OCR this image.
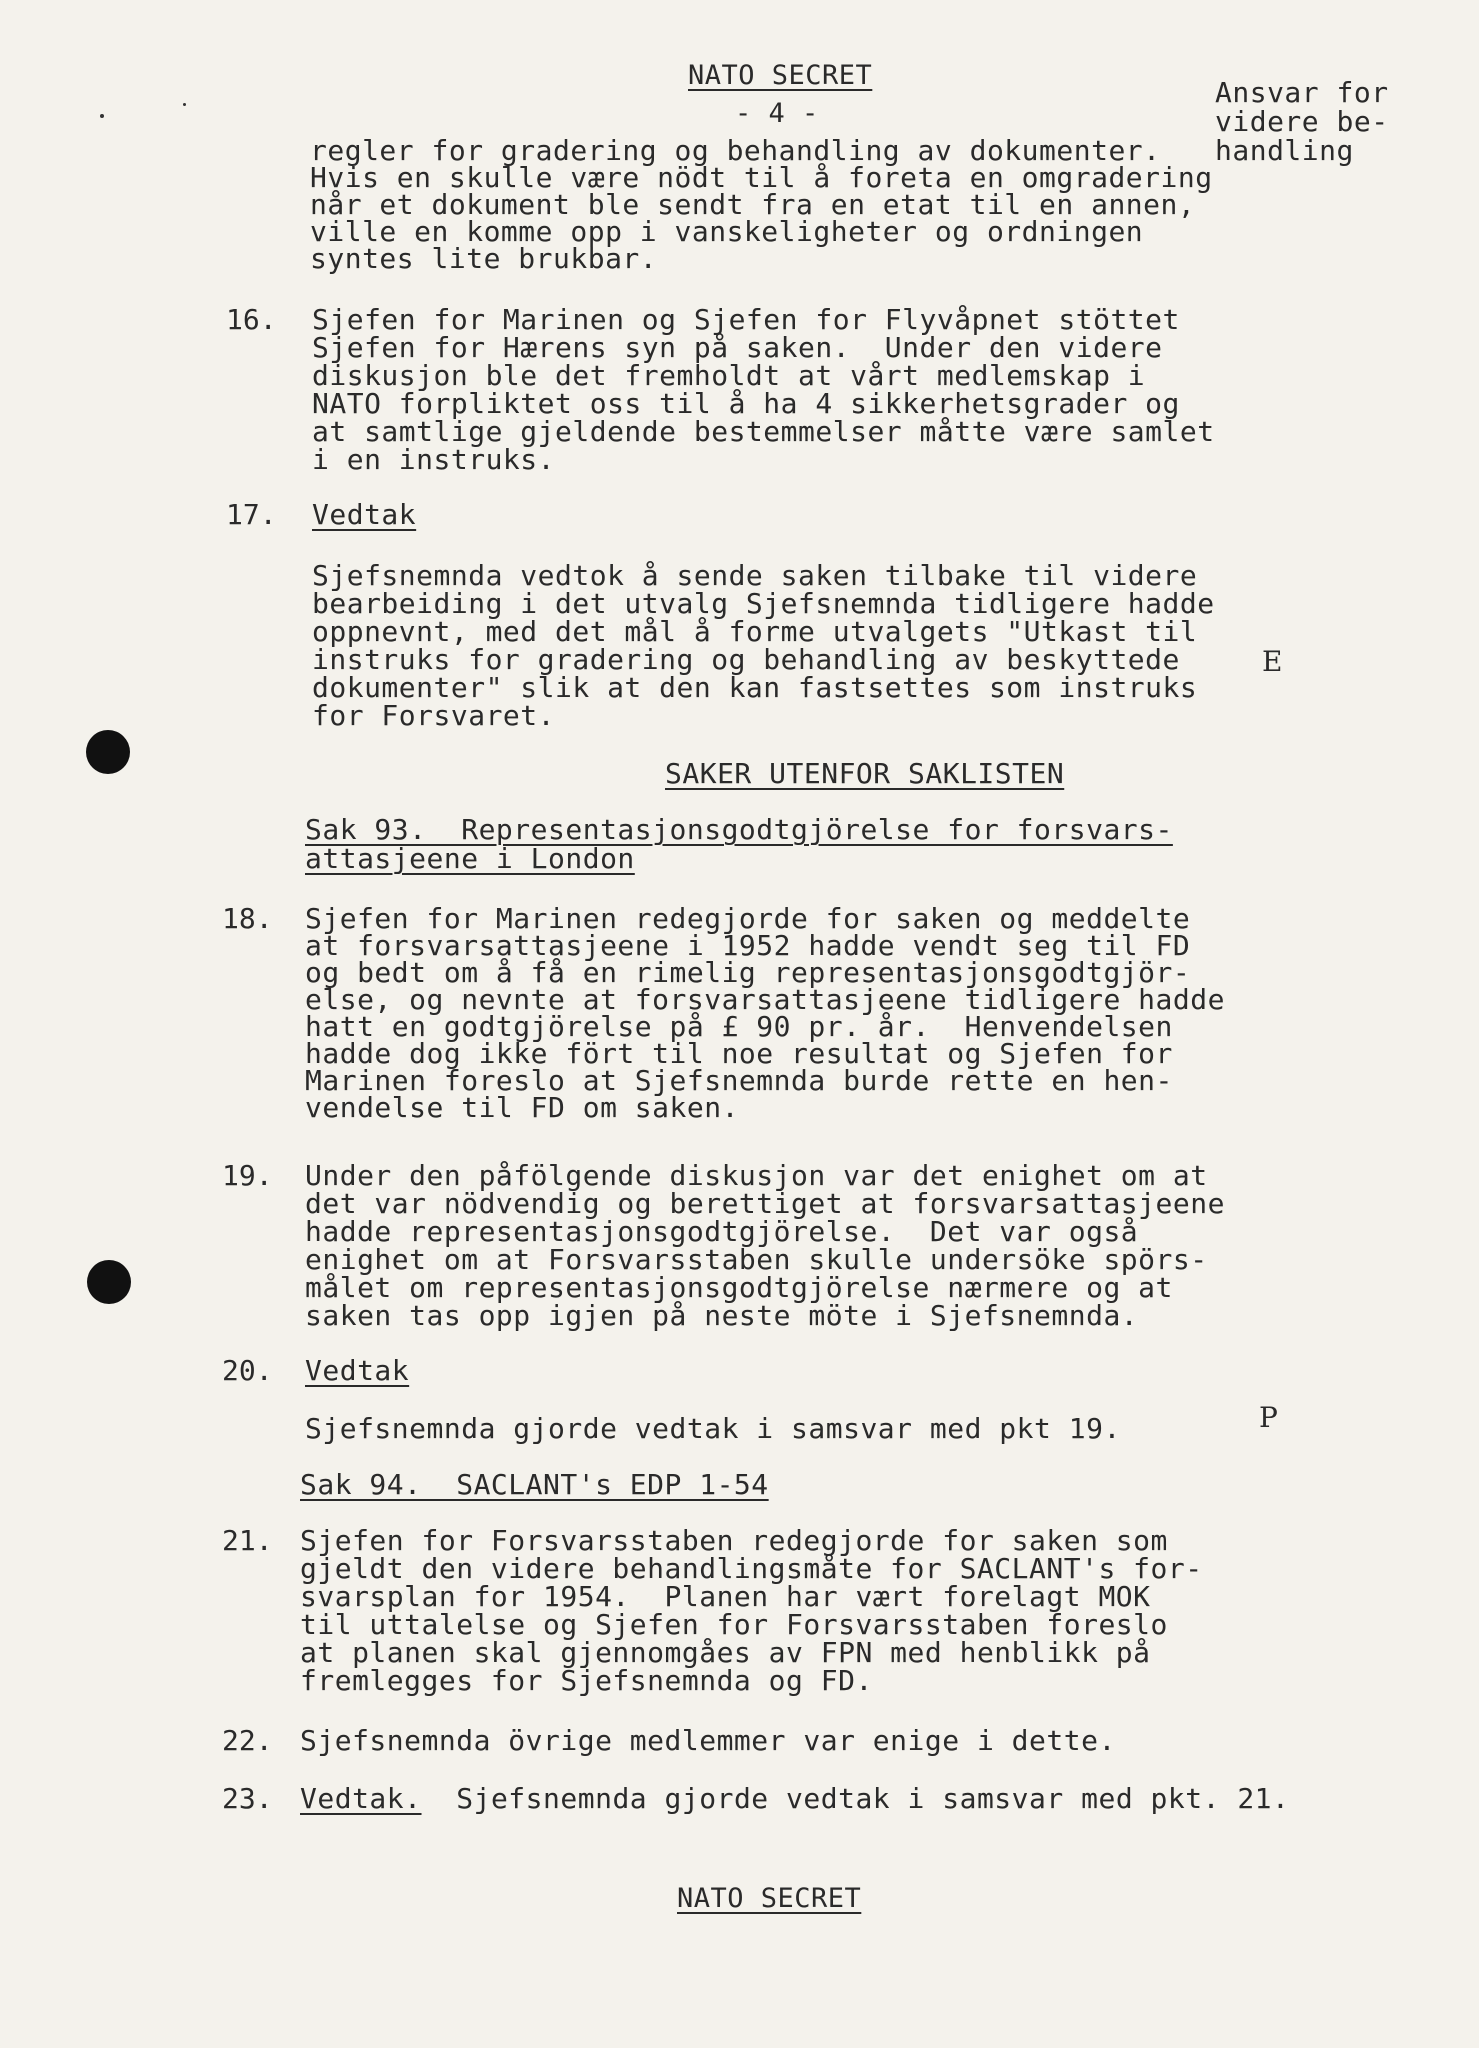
NATO SECRET
- 4 -
Ansvar for
videre be-
handling
E
P
regler for gradering og behandling av dokumenter.
Hvis en skulle være nödt til å foreta en omgradering
når et dokument ble sendt fra en etat til en annen,
ville en komme opp i vanskeligheter og ordningen
syntes lite brukbar.
16. Sjefen for Marinen og Sjefen for Flyvåpnet stöttet
Sjefen for Hærens syn på saken.  Under den videre
diskusjon ble det fremholdt at vårt medlemskap i
NATO forpliktet oss til å ha 4 sikkerhetsgrader og
at samtlige gjeldende bestemmelser måtte være samlet
i en instruks.
17. Vedtak
Sjefsnemnda vedtok å sende saken tilbake til videre
bearbeiding i det utvalg Sjefsnemnda tidligere hadde
oppnevnt, med det mål å forme utvalgets "Utkast til
instruks for gradering og behandling av beskyttede
dokumenter" slik at den kan fastsettes som instruks
for Forsvaret.
SAKER UTENFOR SAKLISTEN
Sak 93.  Representasjonsgodtgjörelse for forsvars-
attasjeene i London
18. Sjefen for Marinen redegjorde for saken og meddelte
at forsvarsattasjeene i 1952 hadde vendt seg til FD
og bedt om å få en rimelig representasjonsgodtgjör-
else, og nevnte at forsvarsattasjeene tidligere hadde
hatt en godtgjörelse på £ 90 pr. år.  Henvendelsen
hadde dog ikke fört til noe resultat og Sjefen for
Marinen foreslo at Sjefsnemnda burde rette en hen-
vendelse til FD om saken.
19. Under den påfölgende diskusjon var det enighet om at
det var nödvendig og berettiget at forsvarsattasjeene
hadde representasjonsgodtgjörelse.  Det var også
enighet om at Forsvarsstaben skulle undersöke spörs-
målet om representasjonsgodtgjörelse nærmere og at
saken tas opp igjen på neste möte i Sjefsnemnda.
20. Vedtak
Sjefsnemnda gjorde vedtak i samsvar med pkt 19.
Sak 94.  SACLANT's EDP 1-54
21. Sjefen for Forsvarsstaben redegjorde for saken som
gjeldt den videre behandlingsmåte for SACLANT's for-
svarsplan for 1954.  Planen har vært forelagt MOK
til uttalelse og Sjefen for Forsvarsstaben foreslo
at planen skal gjennomgåes av FPN med henblikk på
fremlegges for Sjefsnemnda og FD.
22. Sjefsnemnda övrige medlemmer var enige i dette.
23. Vedtak.  Sjefsnemnda gjorde vedtak i samsvar med pkt. 21.
NATO SECRET
